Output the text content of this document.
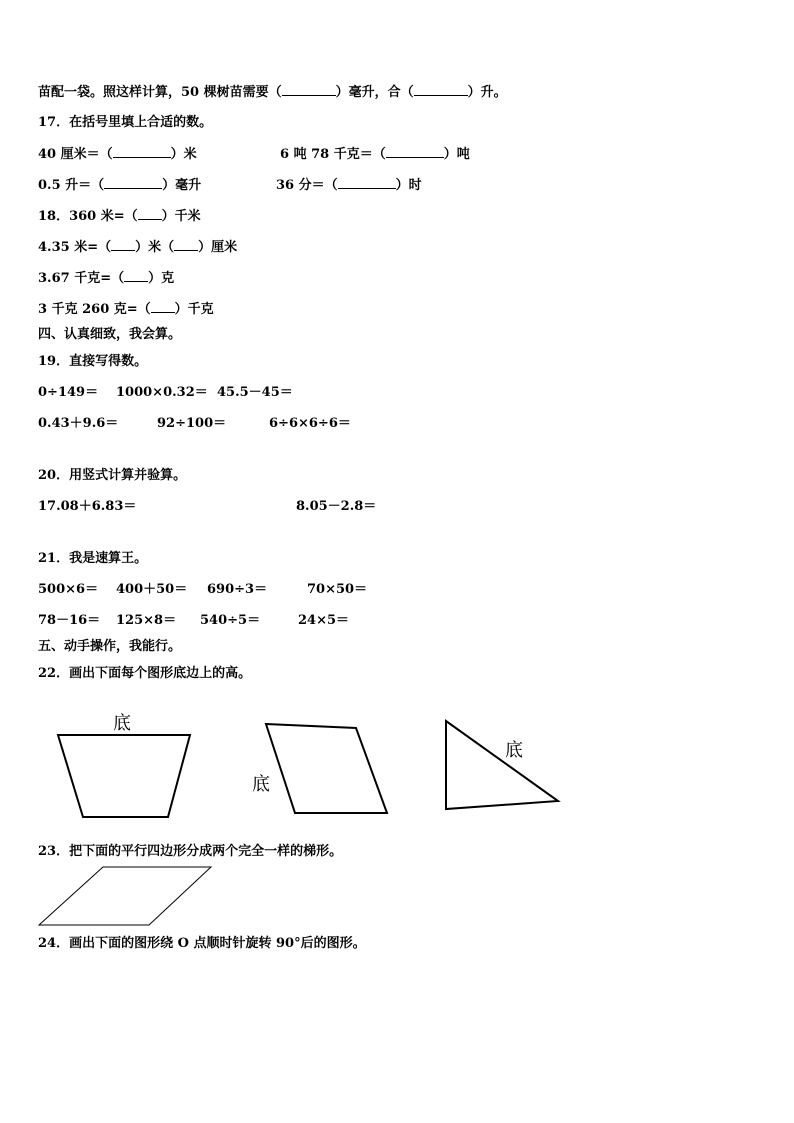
苗配一袋。照这样计算，50 棵树苗需要（	）毫升，合（	）升。
17．在括号里填上合适的数。
40 厘米＝（	）米	6 吨 78 千克＝（	）吨
0.5 升＝（	）毫升	36 分＝（	）时
18．360 米=（ ）千米
4.35 米=（ ）米（ ）厘米
3.67 千克=（ ）克
3 千克 260 克=（ ）千克
四、认真细致，我会算。
19．直接写得数。
0÷149＝ 1000×0.32＝ 45.5－45＝
0.43＋9.6＝	92÷100＝	6÷6×6÷6＝
20．用竖式计算并验算。
17.08＋6.83＝	8.05－2.8＝
21．我是速算王。
500×6＝ 400＋50＝ 690÷3＝	70×50＝
78－16＝ 125×8＝ 540÷5＝	24×5＝
五、动手操作，我能行。
22．画出下面每个图形底边上的高。
底
底
底
23．把下面的平行四边形分成两个完全一样的梯形。
24．画出下面的图形绕 O 点顺时针旋转 90°后的图形。
